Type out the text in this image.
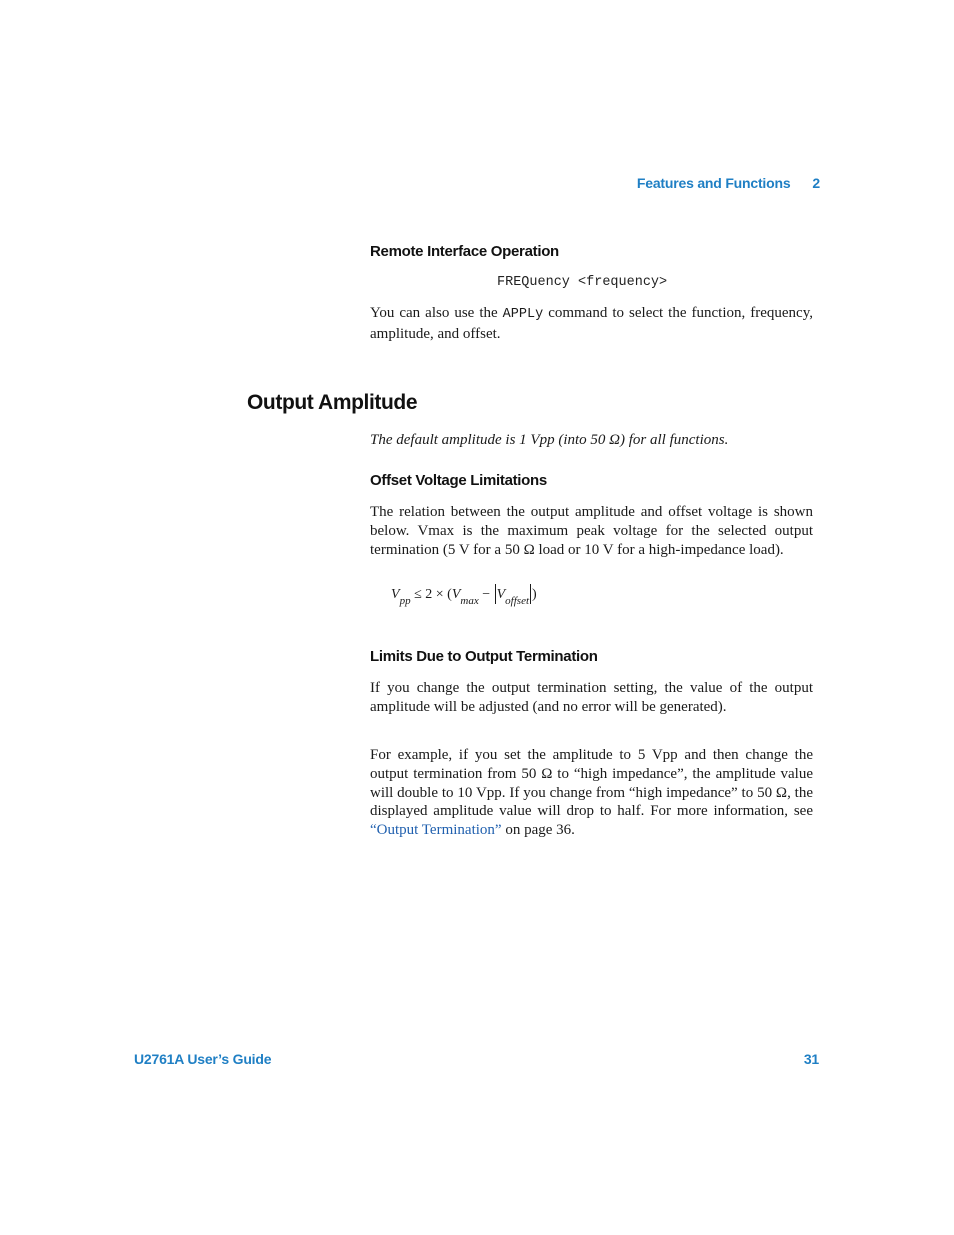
Features and Functions 2
Remote Interface Operation
FREQuency <frequency>
You can also use the APPLy command to select the function, frequency, amplitude, and offset.
Output Amplitude
The default amplitude is 1 Vpp (into 50 Ω) for all functions.
Offset Voltage Limitations
The relation between the output amplitude and offset voltage is shown below. Vmax is the maximum peak voltage for the selected output termination (5 V for a 50 Ω load or 10 V for a high-impedance load).
$V_{pp} \le 2 \times (V_{max} - V_{offset}$ )
Limits Due to Output Termination
If you change the output termination setting, the value of the output amplitude will be adjusted (and no error will be generated).
For example, if you set the amplitude to 5 Vpp and then change the output termination from 50 Ω to “high impedance”, the amplitude value will double to 10 Vpp. If you change from “high impedance” to 50 Ω, the displayed amplitude value will drop to half. For more information, see “Output Termination” on page 36.
U2761A User’s Guide	31
